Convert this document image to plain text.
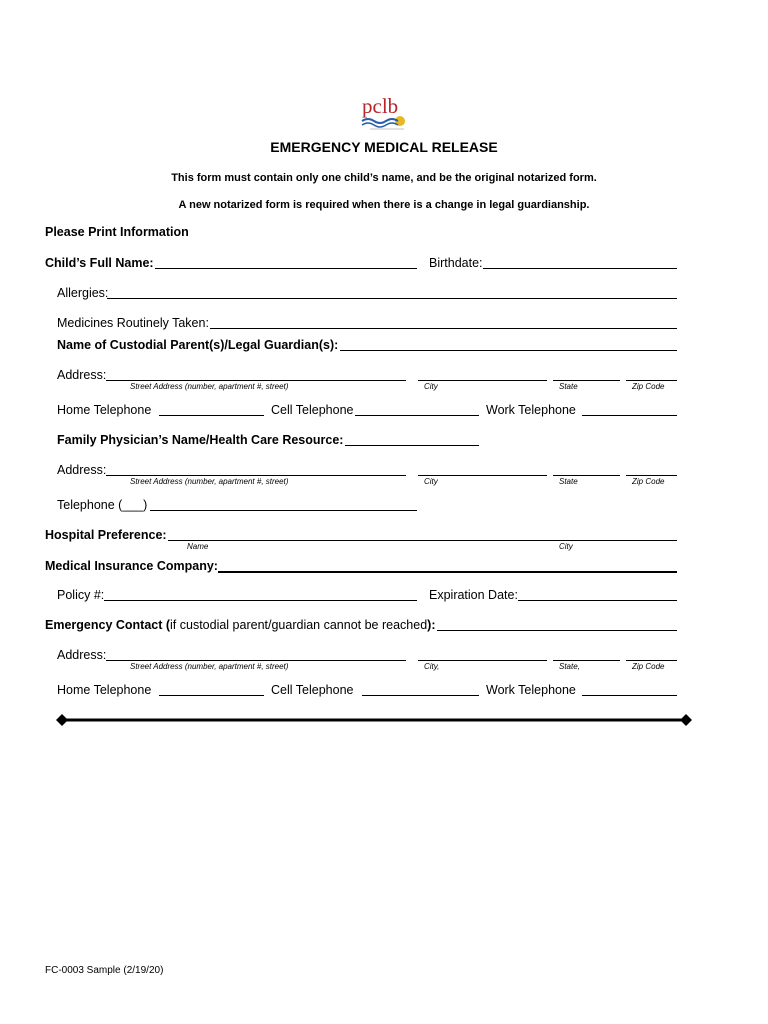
pclb
EMERGENCY MEDICAL RELEASE
This form must contain only one child’s name, and be the original notarized form.
A new notarized form is required when there is a change in legal guardianship.
Please Print Information
Child’s Full Name:	Birthdate:
Allergies:
Medicines Routinely Taken:
Name of Custodial Parent(s)/Legal Guardian(s):
Address:
Street Address (number, apartment #, street)	City	State	Zip Code
Home Telephone	Cell Telephone	Work Telephone
Family Physician’s Name/Health Care Resource:
Address:
Street Address (number, apartment #, street)	City	State	Zip Code
Telephone (___)
Hospital Preference:
Name	City
Medical Insurance Company:
Policy #:	Expiration Date:
Emergency Contact (if custodial parent/guardian cannot be reached):
Address:
Street Address (number, apartment #, street)	City,	State,	Zip Code
Home Telephone	Cell Telephone	Work Telephone
FC-0003 Sample (2/19/20)
